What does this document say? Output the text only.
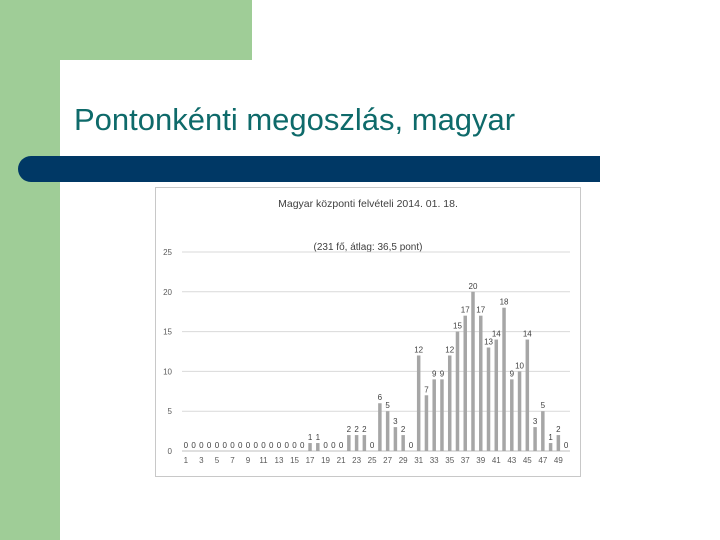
Pontonkénti megoszlás, magyar
Magyar központi felvételi 2014. 01. 18.
(231 fő, átlag: 36,5 pont)
0
5
10
15
20
25
0 0 0 0 0 0 0 0 0 0 0 0 0 0 0 0
1 1
0 0 0
2 2 2
0
6
5
3
2
0
12
7
9 9
12
15
17
20
17
13
14
18
9
10
14
3
5
1
2
0
1 3 5 7 9 11 13 15 17 19 21 23 25 27 29 31 33 35 37 39 41 43 45 47 49
